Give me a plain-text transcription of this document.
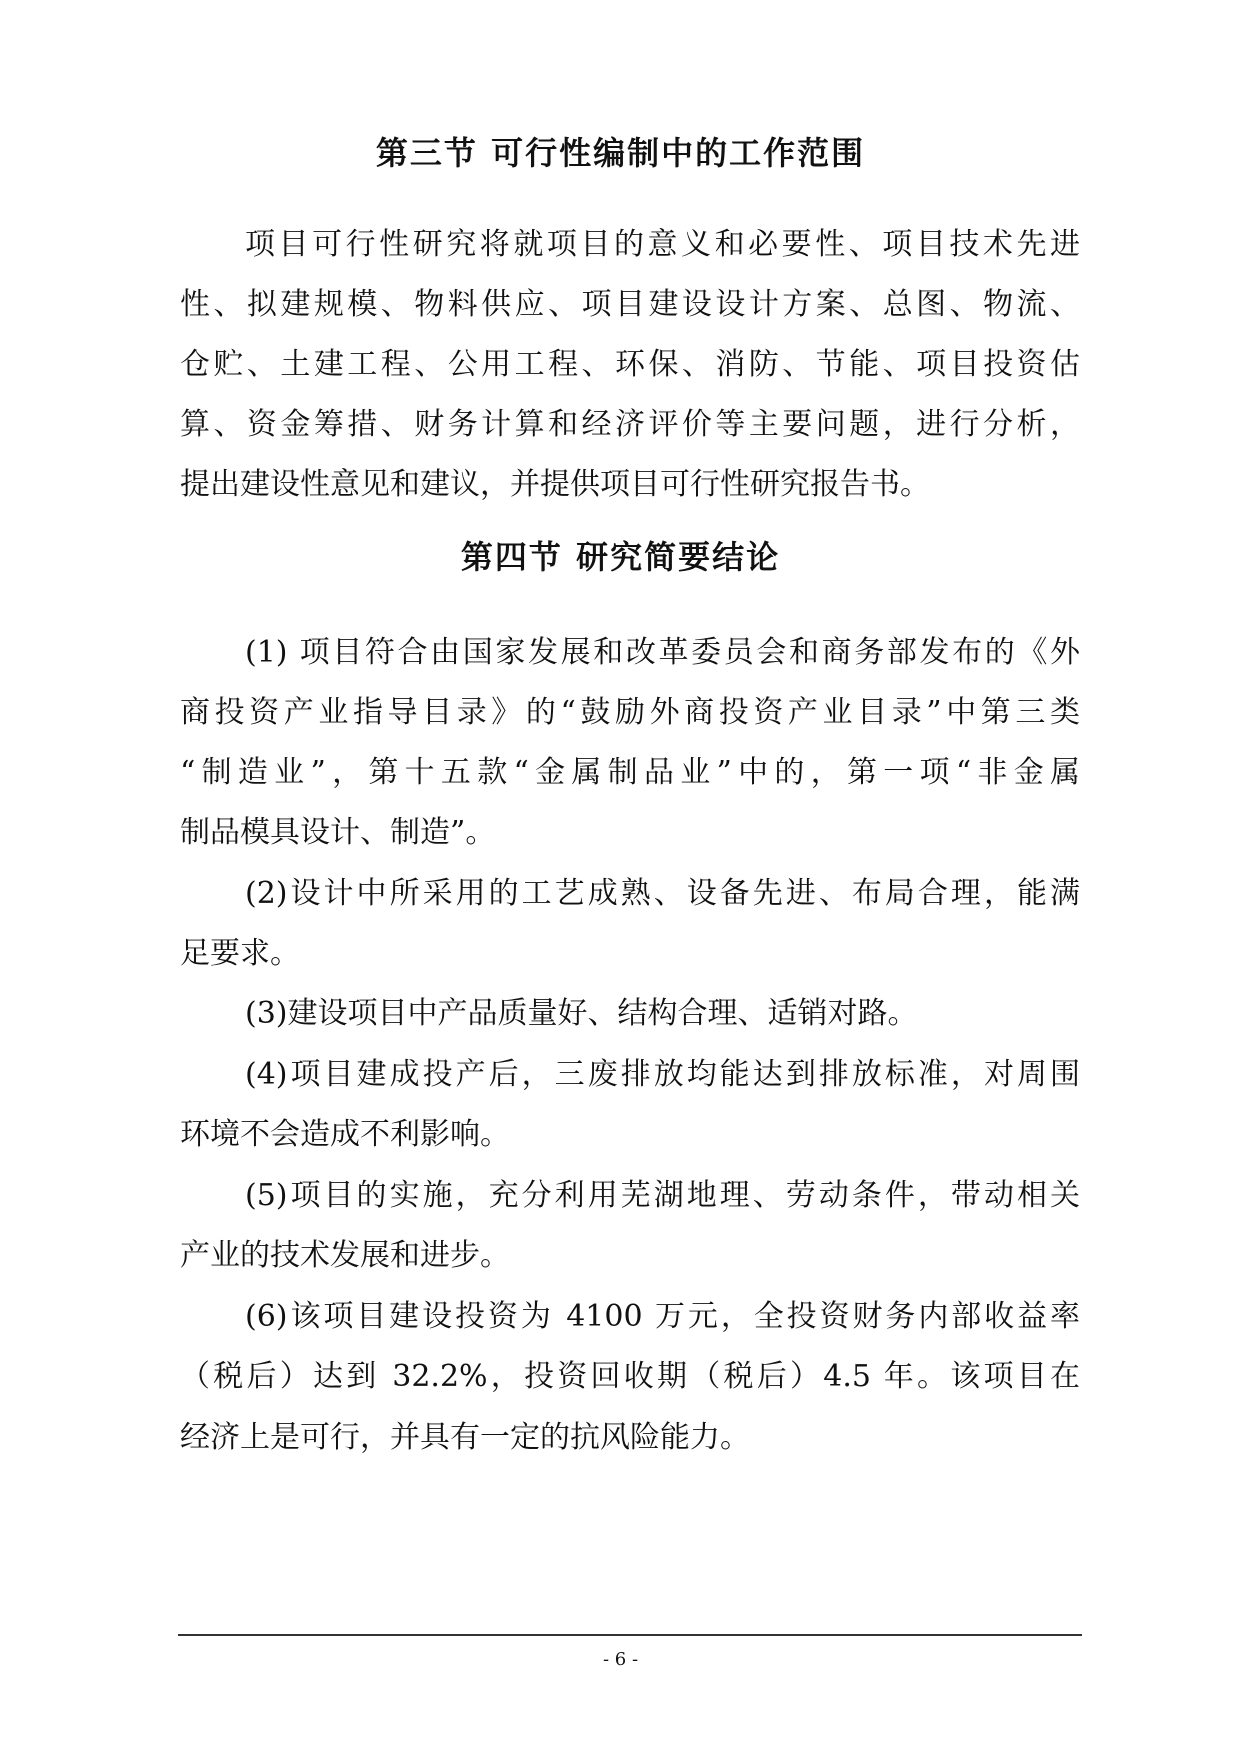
第三节 可行性编制中的工作范围
项目可行性研究将就项目的意义和必要性、项目技术先进
性、拟建规模、物料供应、项目建设设计方案、总图、物流、
仓贮、土建工程、公用工程、环保、消防、节能、项目投资估
算、资金筹措、财务计算和经济评价等主要问题，进行分析，
提出建设性意见和建议，并提供项目可行性研究报告书。
第四节 研究简要结论
(1) 项目符合由国家发展和改革委员会和商务部发布的《外
商投资产业指导目录》的“鼓励外商投资产业目录”中第三类
“制造业”，第十五款“金属制品业”中的，第一项“非金属
制品模具设计、制造”。
(2)设计中所采用的工艺成熟、设备先进、布局合理，能满
足要求。
(3)建设项目中产品质量好、结构合理、适销对路。
(4)项目建成投产后，三废排放均能达到排放标准，对周围
环境不会造成不利影响。
(5)项目的实施，充分利用芜湖地理、劳动条件，带动相关
产业的技术发展和进步。
(6)该项目建设投资为 4100 万元，全投资财务内部收益率
（税后）达到 32.2%，投资回收期（税后）4.5 年。该项目在
经济上是可行，并具有一定的抗风险能力。
- 6 -
